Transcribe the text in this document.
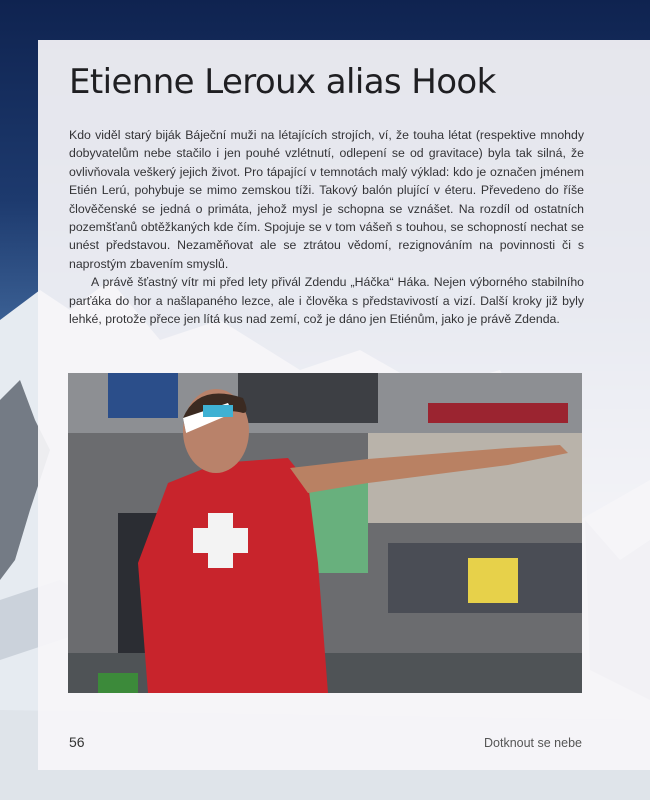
Etienne Leroux alias Hook

Kdo viděl starý biják Báječní muži na létajících strojích, ví, že touha létat (respektive mnohdy dobyvatelům nebe stačilo i jen pouhé vzlétnutí, odlepení se od gravitace) byla tak silná, že ovlivňovala veškerý jejich život. Pro tápající v temnotách malý výklad: kdo je označen jménem Etién Lerú, pohybuje se mimo zemskou tíži. Takový balón plující v éteru. Převedeno do říše člověčenské se jedná o primáta, jehož mysl je schopna se vznášet. Na rozdíl od ostatních pozemšťanů obtěžkaných kde čím. Spojuje se v tom vášeň s touhou, se schopností nechat se unést představou. Nezaměňovat ale se ztrátou vědomí, rezignováním na povinnosti či s naprostým zbavením smyslů.

A právě šťastný vítr mi před lety přivál Zdendu „Háčka“ Háka. Nejen výborného stabilního parťáka do hor a našlapaného lezce, ale i člověka s představivostí a vizí. Další kroky již byly lehké, protože přece jen lítá kus nad zemí, což je dáno jen Etiénům, jako je právě Zdenda.

56	Dotknout se nebe
